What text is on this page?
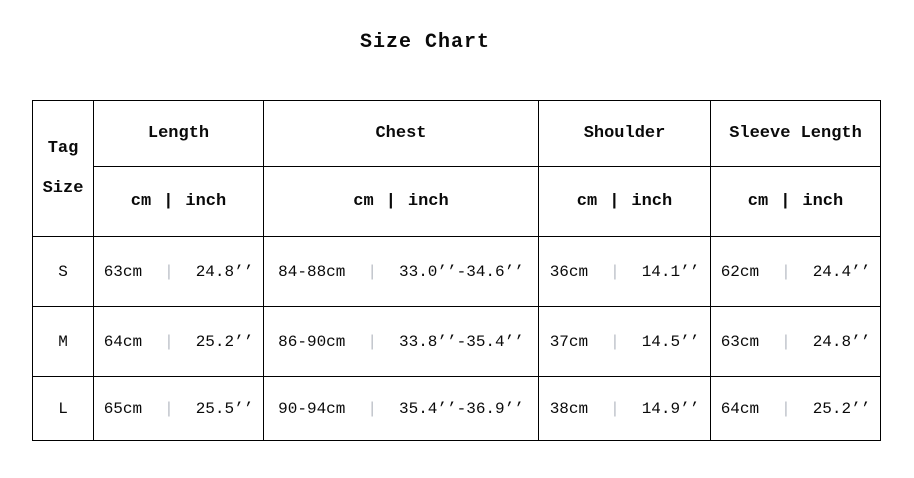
Size Chart
Tag
Size	Length	Chest	Shoulder	Sleeve Length

	cm | inch	cm | inch	cm | inch	cm | inch

S	63cm | 24.8’’	84-88cm | 33.0’’-34.6’’	36cm | 14.1’’	62cm | 24.4’’

M	64cm | 25.2’’	86-90cm | 33.8’’-35.4’’	37cm | 14.5’’	63cm | 24.8’’

L	65cm | 25.5’’	90-94cm | 35.4’’-36.9’’	38cm | 14.9’’	64cm | 25.2’’
